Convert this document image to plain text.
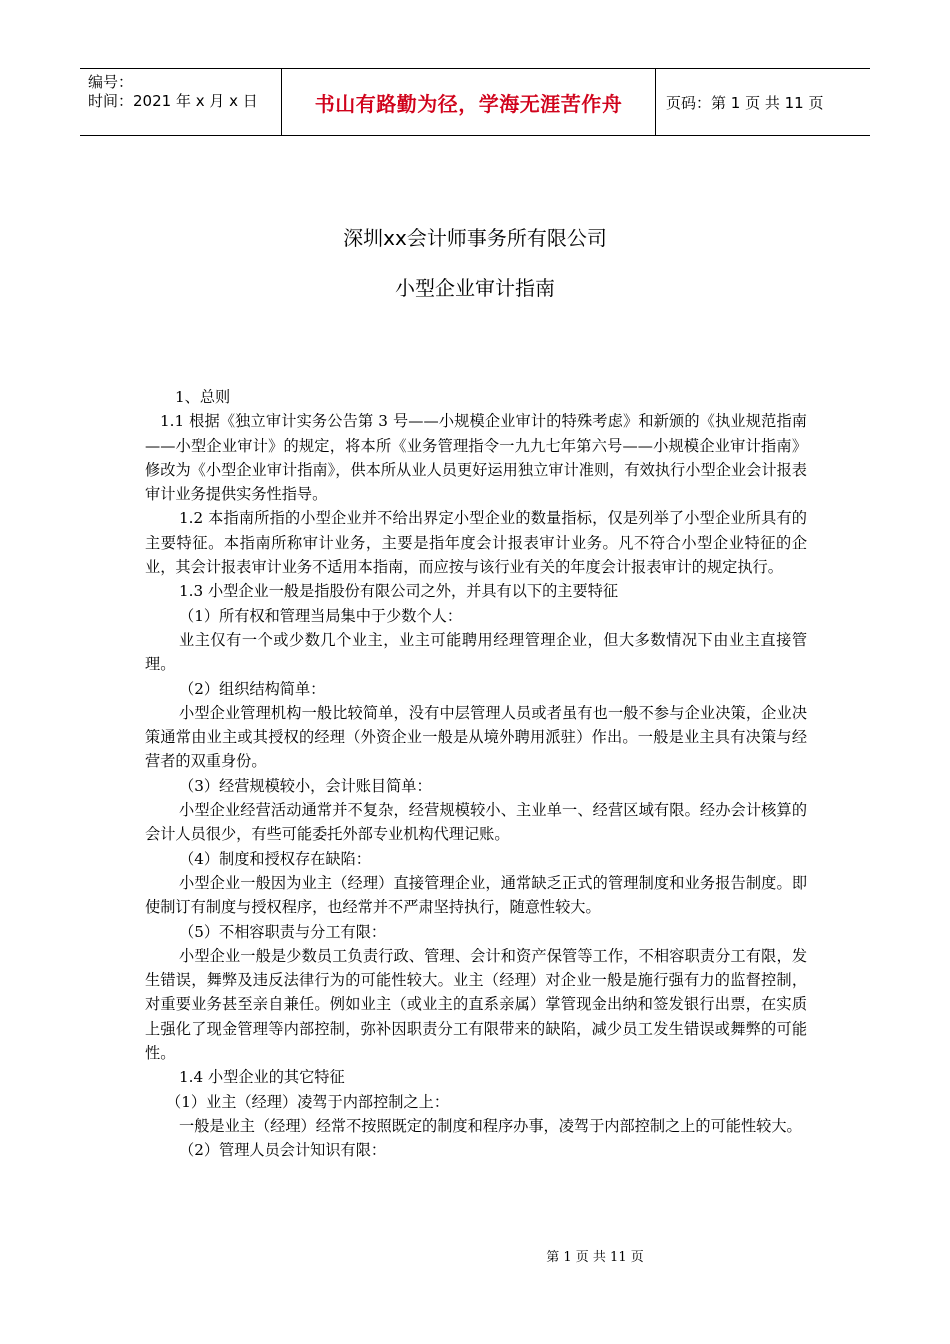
编号：
时间：2021 年 x 月 x 日	书山有路勤为径，学海无涯苦作舟	页码：第 1 页 共 11 页
深圳xx会计师事务所有限公司
小型企业审计指南

1、总则

1.1 根据《独立审计实务公告第 3 号——小规模企业审计的特殊考虑》和新颁的《执业规范指南——小型企业审计》的规定，将本所《业务管理指令一九九七年第六号——小规模企业审计指南》修改为《小型企业审计指南》，供本所从业人员更好运用独立审计准则，有效执行小型企业会计报表审计业务提供实务性指导。

1.2 本指南所指的小型企业并不给出界定小型企业的数量指标，仅是列举了小型企业所具有的主要特征。本指南所称审计业务，主要是指年度会计报表审计业务。凡不符合小型企业特征的企业，其会计报表审计业务不适用本指南，而应按与该行业有关的年度会计报表审计的规定执行。

1.3 小型企业一般是指股份有限公司之外，并具有以下的主要特征

（1）所有权和管理当局集中于少数个人：

业主仅有一个或少数几个业主，业主可能聘用经理管理企业，但大多数情况下由业主直接管理。

（2）组织结构简单：

小型企业管理机构一般比较简单，没有中层管理人员或者虽有也一般不参与企业决策，企业决策通常由业主或其授权的经理（外资企业一般是从境外聘用派驻）作出。一般是业主具有决策与经营者的双重身份。

（3）经营规模较小，会计账目简单：

小型企业经营活动通常并不复杂，经营规模较小、主业单一、经营区域有限。经办会计核算的会计人员很少，有些可能委托外部专业机构代理记账。

（4）制度和授权存在缺陷：

小型企业一般因为业主（经理）直接管理企业，通常缺乏正式的管理制度和业务报告制度。即使制订有制度与授权程序，也经常并不严肃坚持执行，随意性较大。

（5）不相容职责与分工有限：

小型企业一般是少数员工负责行政、管理、会计和资产保管等工作，不相容职责分工有限，发生错误，舞弊及违反法律行为的可能性较大。业主（经理）对企业一般是施行强有力的监督控制，对重要业务甚至亲自兼任。例如业主（或业主的直系亲属）掌管现金出纳和签发银行出票，在实质上强化了现金管理等内部控制，弥补因职责分工有限带来的缺陷，减少员工发生错误或舞弊的可能性。

1.4 小型企业的其它特征

（1）业主（经理）凌驾于内部控制之上：

一般是业主（经理）经常不按照既定的制度和程序办事，凌驾于内部控制之上的可能性较大。

（2）管理人员会计知识有限：

第 1 页 共 11 页
